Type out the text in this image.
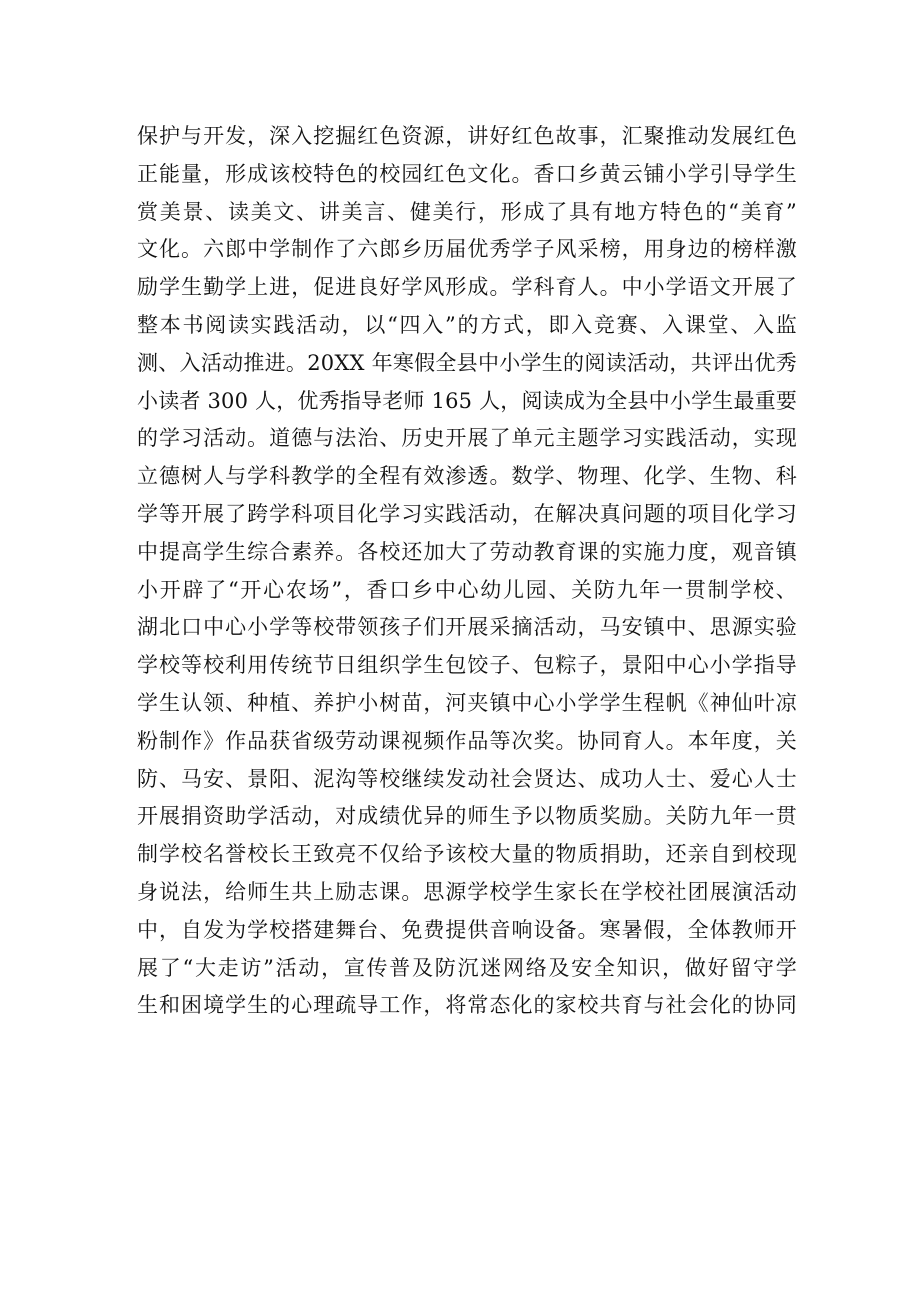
保护与开发，深入挖掘红色资源，讲好红色故事，汇聚推动发展红色
正能量，形成该校特色的校园红色文化。香口乡黄云铺小学引导学生
赏美景、读美文、讲美言、健美行，形成了具有地方特色的“美育”
文化。六郎中学制作了六郎乡历届优秀学子风采榜，用身边的榜样激
励学生勤学上进，促进良好学风形成。学科育人。中小学语文开展了
整本书阅读实践活动，以“四入”的方式，即入竞赛、入课堂、入监
测、入活动推进。20XX 年寒假全县中小学生的阅读活动，共评出优秀
小读者 300 人，优秀指导老师 165 人，阅读成为全县中小学生最重要
的学习活动。道德与法治、历史开展了单元主题学习实践活动，实现
立德树人与学科教学的全程有效渗透。数学、物理、化学、生物、科
学等开展了跨学科项目化学习实践活动，在解决真问题的项目化学习
中提高学生综合素养。各校还加大了劳动教育课的实施力度，观音镇
小开辟了“开心农场”，香口乡中心幼儿园、关防九年一贯制学校、
湖北口中心小学等校带领孩子们开展采摘活动，马安镇中、思源实验
学校等校利用传统节日组织学生包饺子、包粽子，景阳中心小学指导
学生认领、种植、养护小树苗，河夹镇中心小学学生程帆《神仙叶凉
粉制作》作品获省级劳动课视频作品等次奖。协同育人。本年度，关
防、马安、景阳、泥沟等校继续发动社会贤达、成功人士、爱心人士
开展捐资助学活动，对成绩优异的师生予以物质奖励。关防九年一贯
制学校名誉校长王致亮不仅给予该校大量的物质捐助，还亲自到校现
身说法，给师生共上励志课。思源学校学生家长在学校社团展演活动
中，自发为学校搭建舞台、免费提供音响设备。寒暑假，全体教师开
展了“大走访”活动，宣传普及防沉迷网络及安全知识，做好留守学
生和困境学生的心理疏导工作，将常态化的家校共育与社会化的协同
